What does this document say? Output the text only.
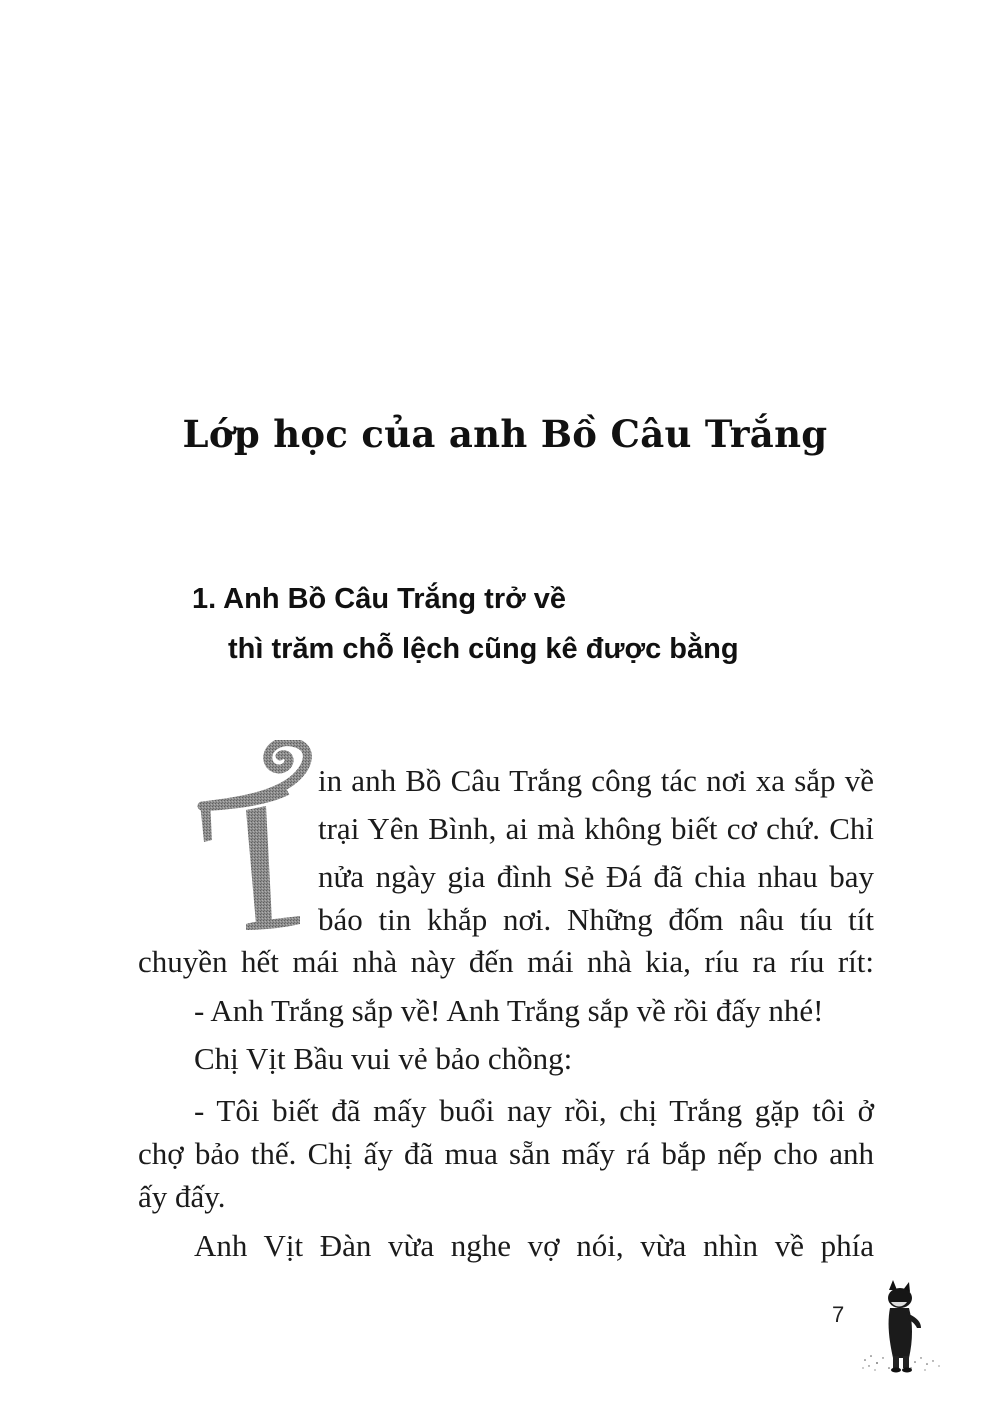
Lớp học của anh Bồ Câu Trắng
1. Anh Bồ Câu Trắng trở về
thì trăm chỗ lệch cũng kê được bằng
in anh Bồ Câu Trắng công tác nơi xa sắp về
trại Yên Bình, ai mà không biết cơ chứ. Chỉ
nửa ngày gia đình Sẻ Đá đã chia nhau bay
báo tin khắp nơi. Những đốm nâu tíu tít
chuyền hết mái nhà này đến mái nhà kia, ríu ra ríu rít:
- Anh Trắng sắp về! Anh Trắng sắp về rồi đấy nhé!
Chị Vịt Bầu vui vẻ bảo chồng:
- Tôi biết đã mấy buổi nay rồi, chị Trắng gặp tôi ở
chợ bảo thế. Chị ấy đã mua sẵn mấy rá bắp nếp cho anh
ấy đấy.
Anh Vịt Đàn vừa nghe vợ nói, vừa nhìn về phía
7
